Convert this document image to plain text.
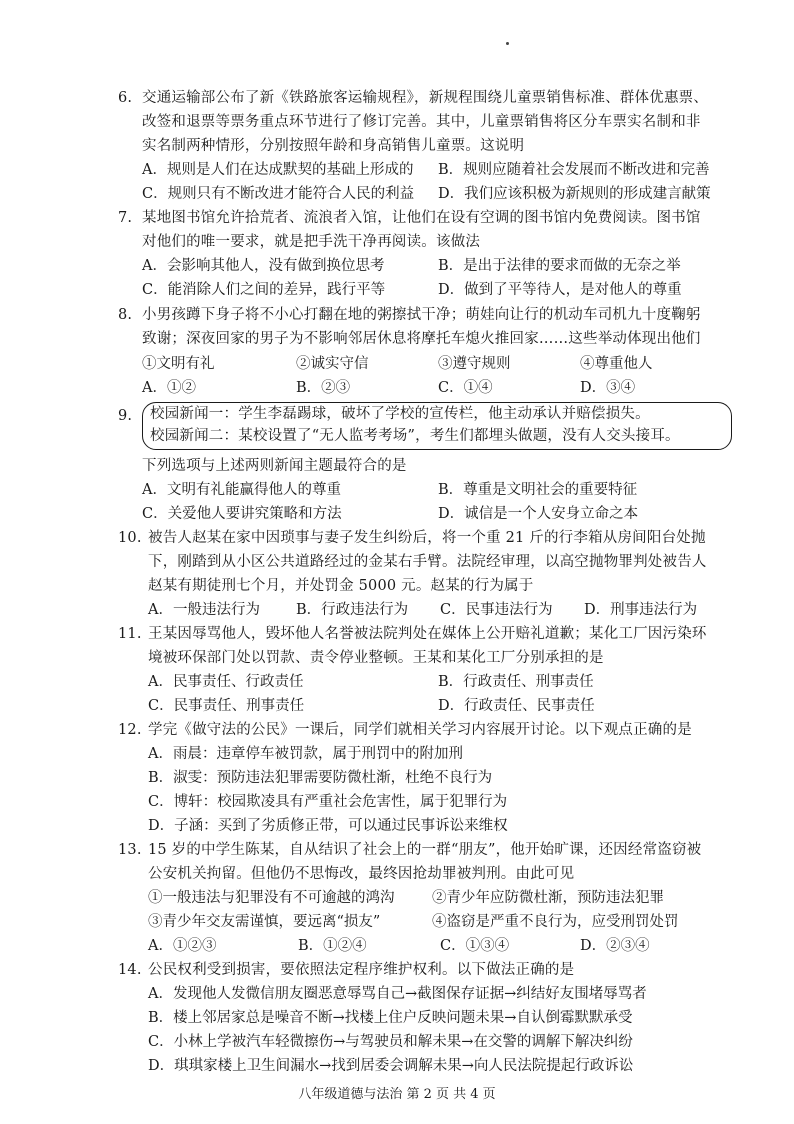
6. 交通运输部公布了新《铁路旅客运输规程》，新规程围绕儿童票销售标准、群体优惠票、
改签和退票等票务重点环节进行了修订完善。其中，儿童票销售将区分车票实名制和非
实名制两种情形，分别按照年龄和身高销售儿童票。这说明
A．规则是人们在达成默契的基础上形成的 B．规则应随着社会发展而不断改进和完善
C．规则只有不断改进才能符合人民的利益 D．我们应该积极为新规则的形成建言献策
7. 某地图书馆允许拾荒者、流浪者入馆，让他们在设有空调的图书馆内免费阅读。图书馆
对他们的唯一要求，就是把手洗干净再阅读。该做法
A．会影响其他人，没有做到换位思考	B．是出于法律的要求而做的无奈之举
C．能消除人们之间的差异，践行平等	D．做到了平等待人，是对他人的尊重
8. 小男孩蹲下身子将不小心打翻在地的粥擦拭干净；萌娃向让行的机动车司机九十度鞠躬
致谢；深夜回家的男子为不影响邻居休息将摩托车熄火推回家……这些举动体现出他们
①文明有礼	②诚实守信	③遵守规则	④尊重他人
A．①②	B．②③	C．①④	D．③④
9. 校园新闻一：学生李磊踢球，破坏了学校的宣传栏，他主动承认并赔偿损失。
校园新闻二：某校设置了“无人监考考场”，考生们都埋头做题，没有人交头接耳。
下列选项与上述两则新闻主题最符合的是
A．文明有礼能赢得他人的尊重	B．尊重是文明社会的重要特征
C．关爱他人要讲究策略和方法	D．诚信是一个人安身立命之本
10. 被告人赵某在家中因琐事与妻子发生纠纷后，将一个重 21 斤的行李箱从房间阳台处抛
下，刚踏到从小区公共道路经过的金某右手臂。法院经审理，以高空抛物罪判处被告人
赵某有期徒刑七个月，并处罚金 5000 元。赵某的行为属于
A．一般违法行为 B．行政违法行为 C．民事违法行为 D．刑事违法行为
11. 王某因辱骂他人，毁坏他人名誉被法院判处在媒体上公开赔礼道歉；某化工厂因污染环
境被环保部门处以罚款、责令停业整顿。王某和某化工厂分别承担的是
A．民事责任、行政责任	B．行政责任、刑事责任
C．民事责任、刑事责任	D．行政责任、民事责任
12. 学完《做守法的公民》一课后，同学们就相关学习内容展开讨论。以下观点正确的是
A．雨晨：违章停车被罚款，属于刑罚中的附加刑
B．淑雯：预防违法犯罪需要防微杜渐，杜绝不良行为
C．博轩：校园欺凌具有严重社会危害性，属于犯罪行为
D．子涵：买到了劣质修正带，可以通过民事诉讼来维权
13. 15 岁的中学生陈某，自从结识了社会上的一群“朋友”，他开始旷课，还因经常盗窃被
公安机关拘留。但他仍不思悔改，最终因抢劫罪被判刑。由此可见
①一般违法与犯罪没有不可逾越的鸿沟	②青少年应防微杜渐，预防违法犯罪
③青少年交友需谨慎，要远离“损友”	④盗窃是严重不良行为，应受刑罚处罚
A．①②③	B．①②④	C．①③④	D．②③④
14. 公民权利受到损害，要依照法定程序维护权利。以下做法正确的是
A．发现他人发微信朋友圈恶意辱骂自己→截图保存证据→纠结好友围堵辱骂者
B．楼上邻居家总是噪音不断→找楼上住户反映问题未果→自认倒霉默默承受
C．小林上学被汽车轻微擦伤→与驾驶员和解未果→在交警的调解下解决纠纷
D．琪琪家楼上卫生间漏水→找到居委会调解未果→向人民法院提起行政诉讼
八年级道德与法治 第 2 页 共 4 页
